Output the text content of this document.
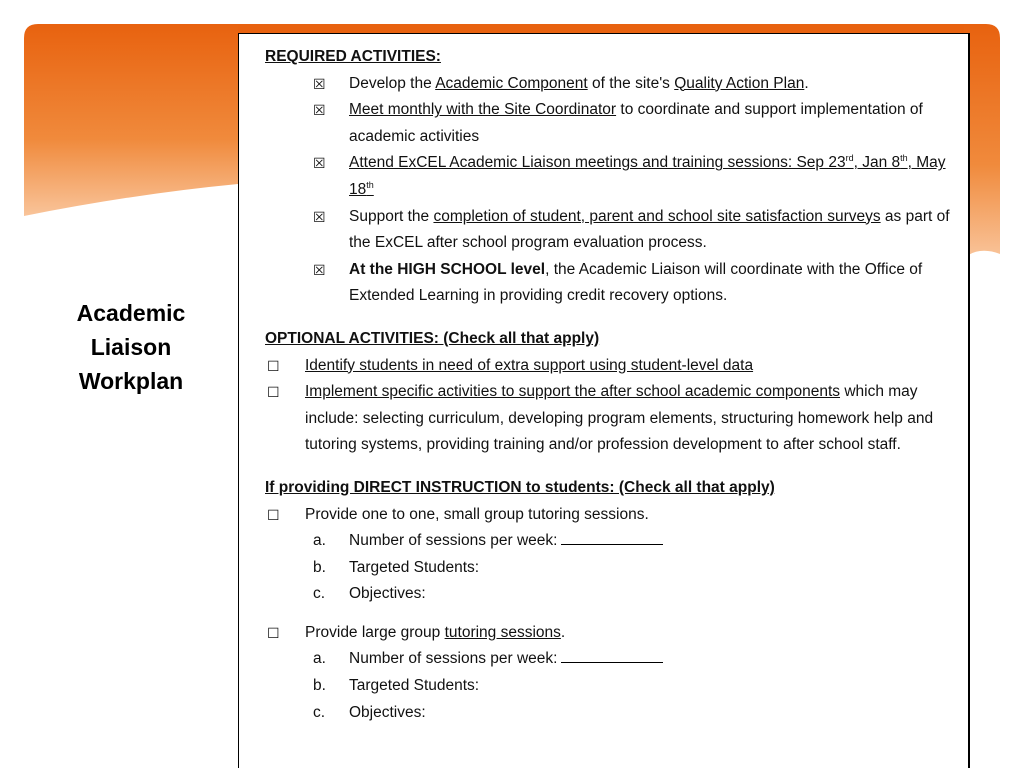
Academic
Liaison
Workplan
REQUIRED ACTIVITIES:
☒ Develop the Academic Component of the site's Quality Action Plan.
☒ Meet monthly with the Site Coordinator to coordinate and support implementation of academic activities
☒ Attend ExCEL Academic Liaison meetings and training sessions: Sep 23rd, Jan 8th, May 18th
☒ Support the completion of student, parent and school site satisfaction surveys as part of the ExCEL after school program evaluation process.
☒ At the HIGH SCHOOL level, the Academic Liaison will coordinate with the Office of Extended Learning in providing credit recovery options.
OPTIONAL ACTIVITIES: (Check all that apply)
☐ Identify students in need of extra support using student-level data
☐ Implement specific activities to support the after school academic components which may include: selecting curriculum, developing program elements, structuring homework help and tutoring systems, providing training and/or profession development to after school staff.
If providing DIRECT INSTRUCTION to students: (Check all that apply)
☐ Provide one to one, small group tutoring sessions.
a. Number of sessions per week:
b. Targeted Students:
c. Objectives:
☐ Provide large group tutoring sessions.
a. Number of sessions per week:
b. Targeted Students:
c. Objectives:
